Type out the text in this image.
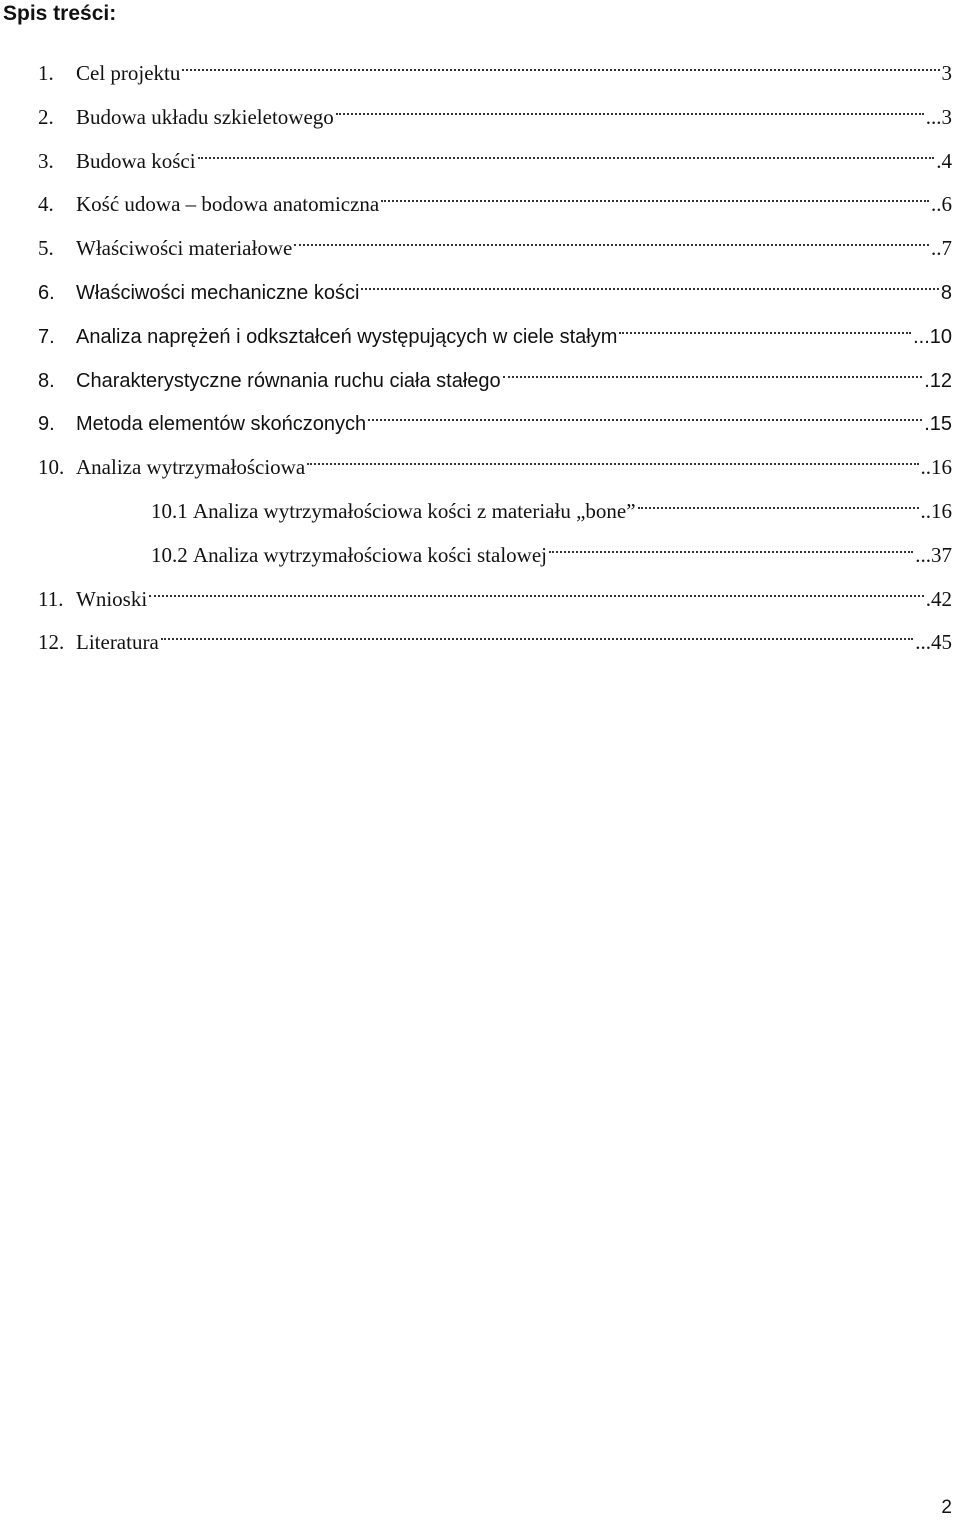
Spis treści:
1.	Cel projektu	3
2.	Budowa układu szkieletowego	...3
3.	Budowa kości	.4
4.	Kość udowa – bodowa anatomiczna	..6
5.	Właściwości materiałowe	..7
6.	Właściwości mechaniczne kości	8
7.	Analiza naprężeń i odkształceń występujących w ciele stałym	...10
8.	Charakterystyczne równania ruchu ciała stałego	.12
9.	Metoda elementów skończonych	.15
10. Analiza wytrzymałościowa	..16
10.1 Analiza wytrzymałościowa kości z materiału „bone”	..16
10.2 Analiza wytrzymałościowa kości stalowej	...37
11. Wnioski	.42
12. Literatura	...45
2
